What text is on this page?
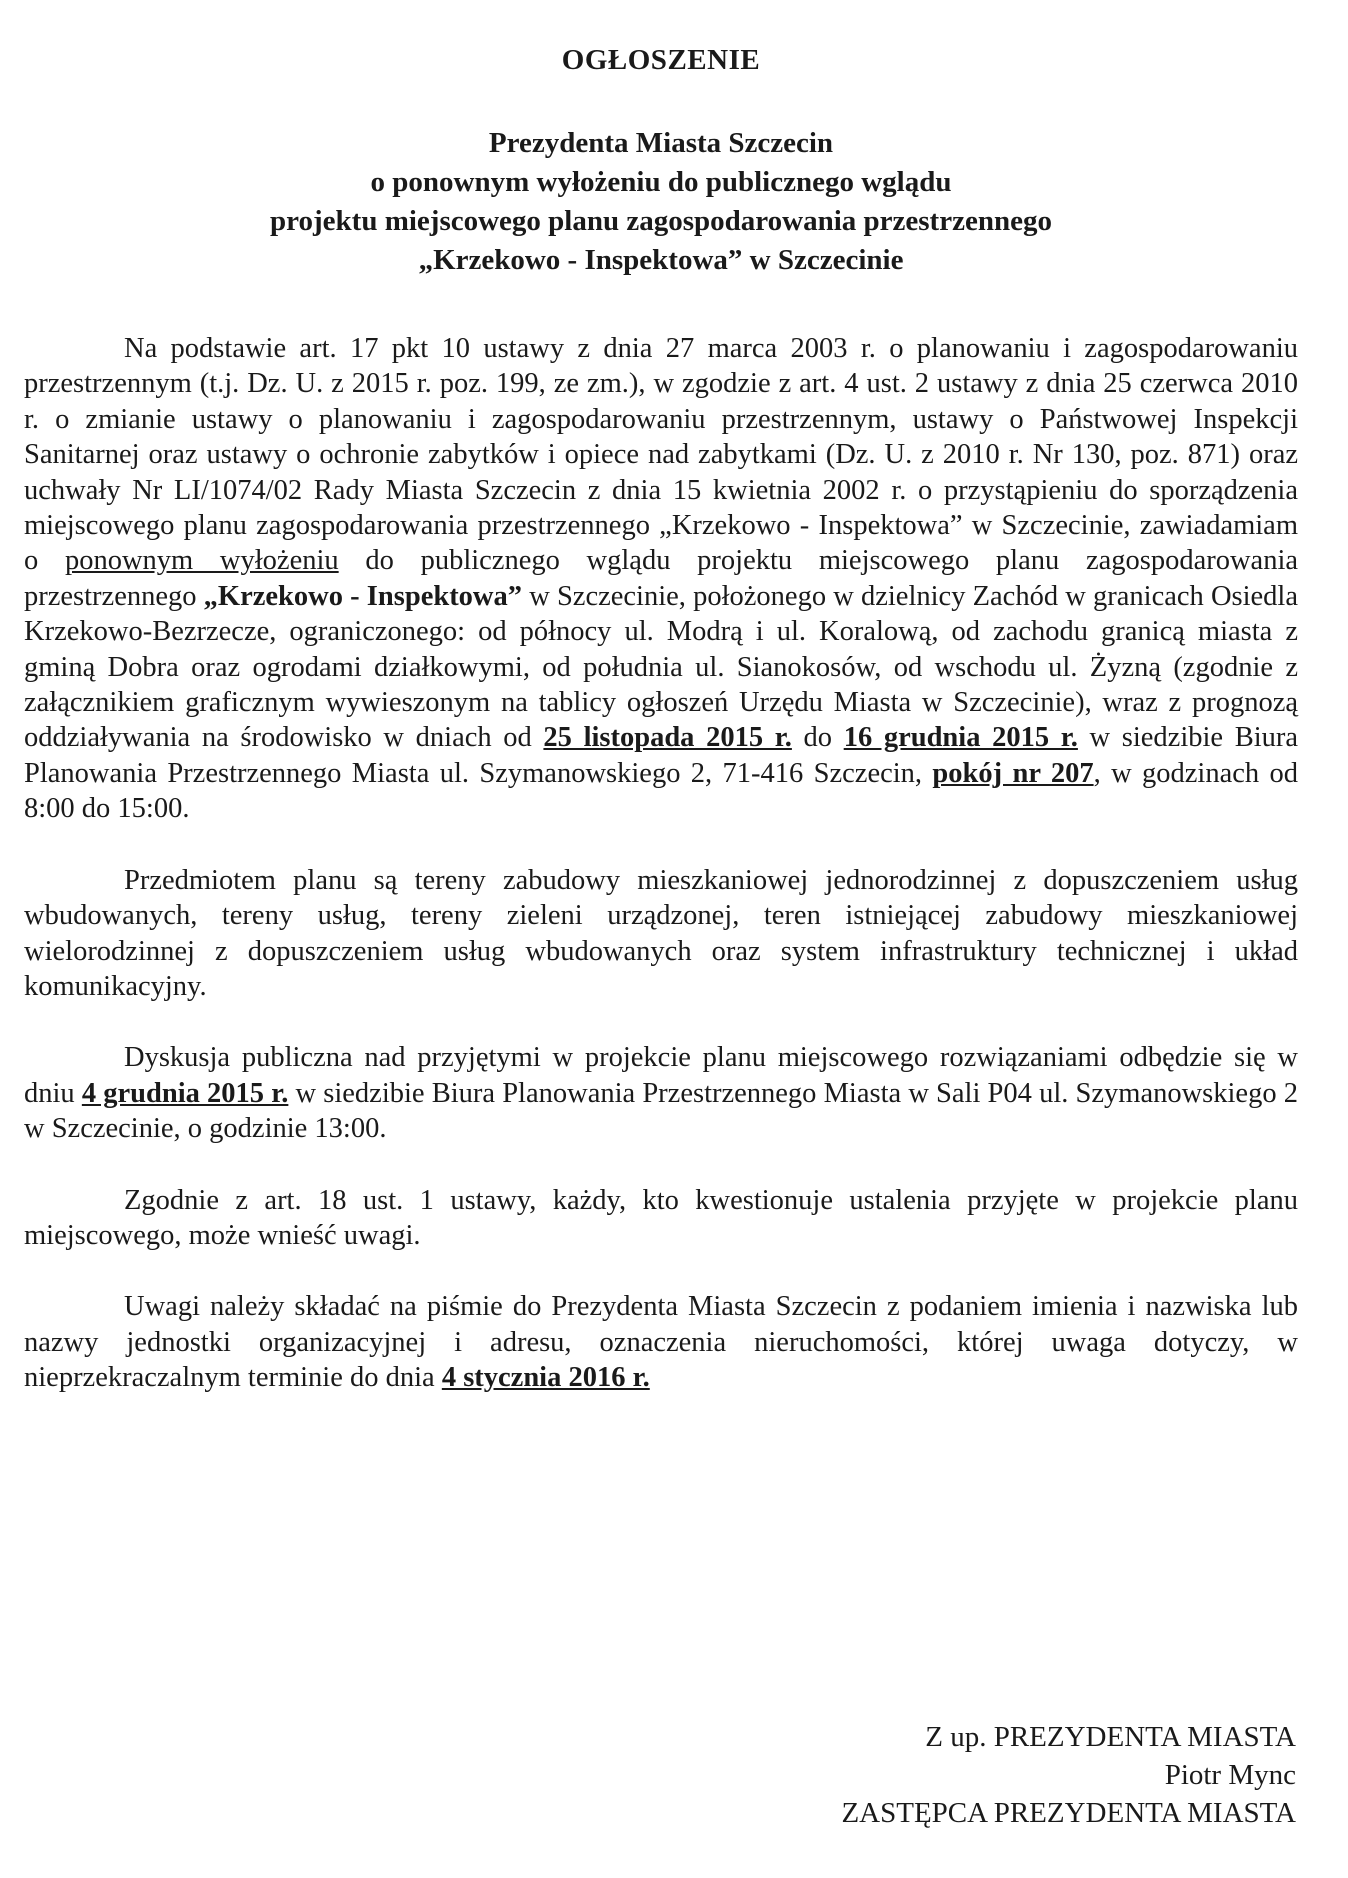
OGŁOSZENIE
Prezydenta Miasta Szczecin
o ponownym wyłożeniu do publicznego wglądu
projektu miejscowego planu zagospodarowania przestrzennego
„Krzekowo - Inspektowa” w Szczecinie

Na podstawie art. 17 pkt 10 ustawy z dnia 27 marca 2003 r. o planowaniu i zagospodarowaniu przestrzennym (t.j. Dz. U. z 2015 r. poz. 199, ze zm.), w zgodzie z art. 4 ust. 2 ustawy z dnia 25 czerwca 2010 r. o zmianie ustawy o planowaniu i zagospodarowaniu przestrzennym, ustawy o Państwowej Inspekcji Sanitarnej oraz ustawy o ochronie zabytków i opiece nad zabytkami (Dz. U. z 2010 r. Nr 130, poz. 871) oraz uchwały Nr LI/1074/02 Rady Miasta Szczecin z dnia 15 kwietnia 2002 r. o przystąpieniu do sporządzenia miejscowego planu zagospodarowania przestrzennego „Krzekowo - Inspektowa” w Szczecinie, zawiadamiam o ponownym wyłożeniu do publicznego wglądu projektu miejscowego planu zagospodarowania przestrzennego „Krzekowo - Inspektowa” w Szczecinie, położonego w dzielnicy Zachód w granicach Osiedla Krzekowo-Bezrzecze, ograniczonego: od północy ul. Modrą i ul. Koralową, od zachodu granicą miasta z gminą Dobra oraz ogrodami działkowymi, od południa ul. Sianokosów, od wschodu ul. Żyzną (zgodnie z załącznikiem graficznym wywieszonym na tablicy ogłoszeń Urzędu Miasta w Szczecinie), wraz z prognozą oddziaływania na środowisko w dniach od 25 listopada 2015 r. do 16 grudnia 2015 r. w siedzibie Biura Planowania Przestrzennego Miasta ul. Szymanowskiego 2, 71-416 Szczecin, pokój nr 207, w godzinach od 8:00 do 15:00.

Przedmiotem planu są tereny zabudowy mieszkaniowej jednorodzinnej z dopuszczeniem usług wbudowanych, tereny usług, tereny zieleni urządzonej, teren istniejącej zabudowy mieszkaniowej wielorodzinnej z dopuszczeniem usług wbudowanych oraz system infrastruktury technicznej i układ komunikacyjny.

Dyskusja publiczna nad przyjętymi w projekcie planu miejscowego rozwiązaniami odbędzie się w dniu 4 grudnia 2015 r. w siedzibie Biura Planowania Przestrzennego Miasta w Sali P04 ul. Szymanowskiego 2 w Szczecinie, o godzinie 13:00.

Zgodnie z art. 18 ust. 1 ustawy, każdy, kto kwestionuje ustalenia przyjęte w projekcie planu miejscowego, może wnieść uwagi.

Uwagi należy składać na piśmie do Prezydenta Miasta Szczecin z podaniem imienia i nazwiska lub nazwy jednostki organizacyjnej i adresu, oznaczenia nieruchomości, której uwaga dotyczy, w nieprzekraczalnym terminie do dnia 4 stycznia 2016 r.

Z up. PREZYDENTA MIASTA
Piotr Mync
ZASTĘPCA PREZYDENTA MIASTA
